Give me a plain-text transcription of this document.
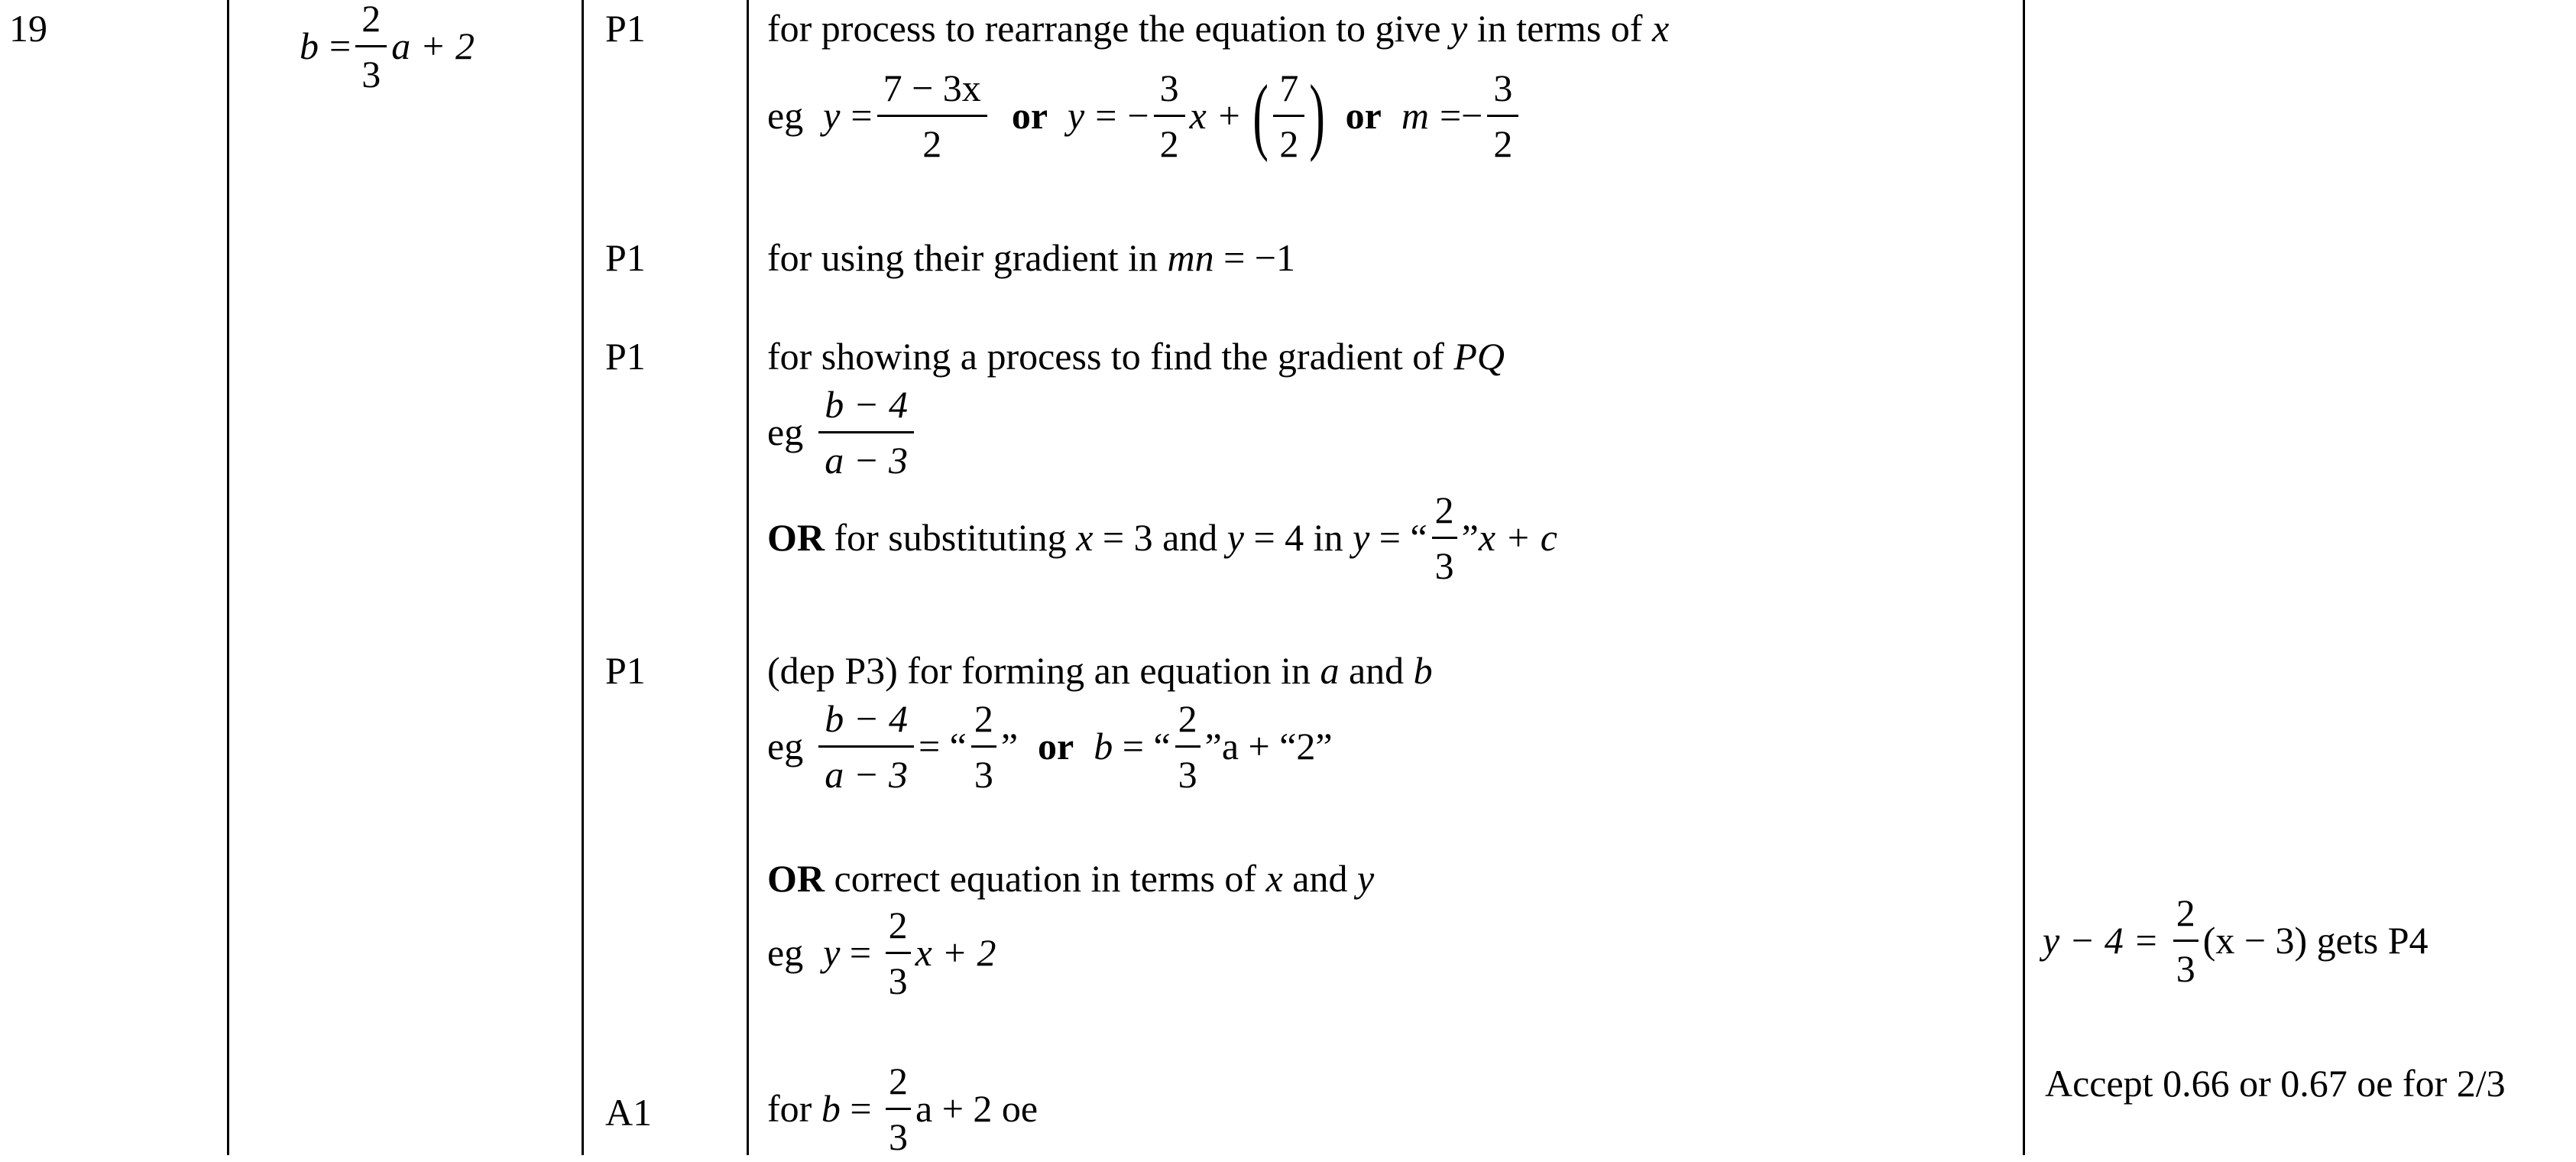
19	$b = \frac{2}{3}$ a + 2	P1
P1
P1
P1
A1
for process to rearrange the equation to give y in terms of x
eg $y = \frac{7 - 3x}{2}$ or y = − $\frac{3}{2}$ x + ( $\frac{7}{2}$ ) or m = − $\frac{3}{2}$
for using their gradient in mn = −1
for showing a process to find the gradient of PQ
eg $\frac{b - 4}{a - 3}$
OR for substituting x = 3 and y = 4 in y = “ $\frac{2}{3}$ ” x + c
(dep P3) for forming an equation in a and b
eg $\frac{b - 4}{a - 3}$ = “ $\frac{2}{3}$ ” or b = “ $\frac{2}{3}$ ”a + “2”
OR correct equation in terms of x and y
eg $y = \frac{2}{3}$ x + 2
for $b = \frac{2}{3}$ a + 2 oe
$y - 4 = \frac{2}{3} (x - 3)$ gets P4
Accept 0.66 or 0.67 oe for 2/3
